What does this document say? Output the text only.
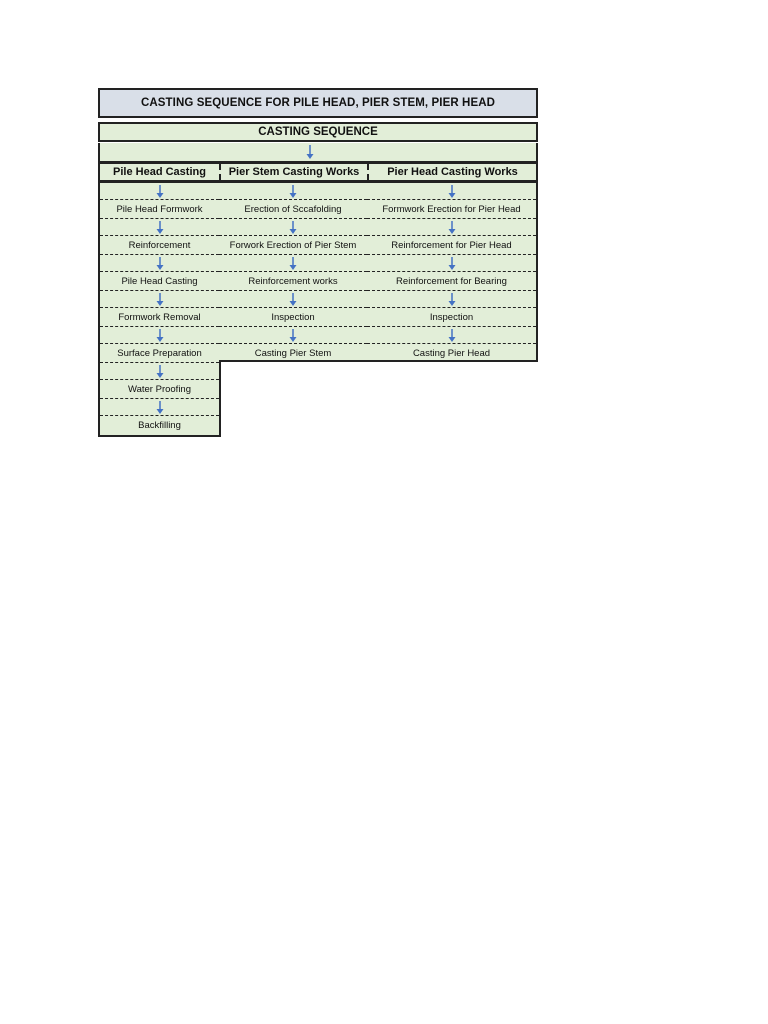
CASTING SEQUENCE FOR PILE HEAD, PIER STEM, PIER HEAD
CASTING SEQUENCE
Pile Head Casting Pier Stem Casting Works	Pier Head Casting Works
Pile Head Formwork
Reinforcement
Pile Head Casting
Formwork Removal
Surface Preparation
Water Proofing
Backfilling
Erection of Sccafolding
Forwork Erection of Pier Stem
Reinforcement works
Inspection
Casting Pier Stem
Formwork Erection for Pier Head
Reinforcement for Pier Head
Reinforcement for Bearing
Inspection
Casting Pier Head
